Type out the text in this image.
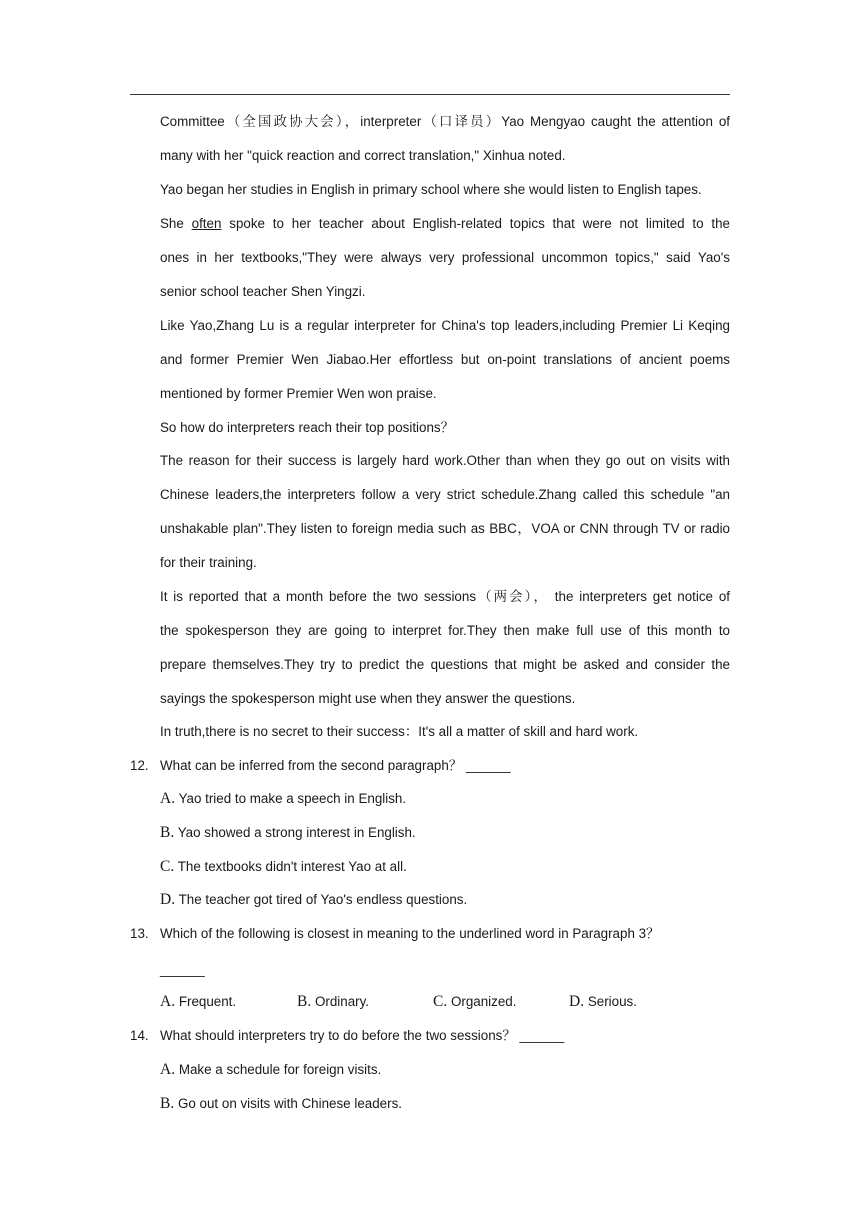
Committee（全国政协大会），interpreter（口译员）Yao Mengyao caught the attention of
many with her "quick reaction and correct translation," Xinhua noted.
Yao began her studies in English in primary school where she would listen to English tapes.
She often spoke to her teacher about English-related topics that were not limited to the
ones in her textbooks,"They were always very professional uncommon topics," said Yao's
senior school teacher Shen Yingzi.
Like Yao,Zhang Lu is a regular interpreter for China's top leaders,including Premier Li Keqing
and former Premier Wen Jiabao.Her effortless but on-point translations of ancient poems
mentioned by former Premier Wen won praise.
So how do interpreters reach their top positions？
The reason for their success is largely hard work.Other than when they go out on visits with
Chinese leaders,the interpreters follow a very strict schedule.Zhang called this schedule "an
unshakable plan".They listen to foreign media such as BBC，VOA or CNN through TV or radio
for their training.
It is reported that a month before the two sessions（两会）， the interpreters get notice of
the spokesperson they are going to interpret for.They then make full use of this month to
prepare themselves.They try to predict the questions that might be asked and consider the
sayings the spokesperson might use when they answer the questions.
In truth,there is no secret to their success：It's all a matter of skill and hard work.
12. What can be inferred from the second paragraph？ ______
A. Yao tried to make a speech in English.
B. Yao showed a strong interest in English.
C. The textbooks didn't interest Yao at all.
D. The teacher got tired of Yao's endless questions.
13. Which of the following is closest in meaning to the underlined word in Paragraph 3？
______
A. Frequent.	B. Ordinary.	C. Organized.	D. Serious.
14. What should interpreters try to do before the two sessions？ ______
A. Make a schedule for foreign visits.
B. Go out on visits with Chinese leaders.
